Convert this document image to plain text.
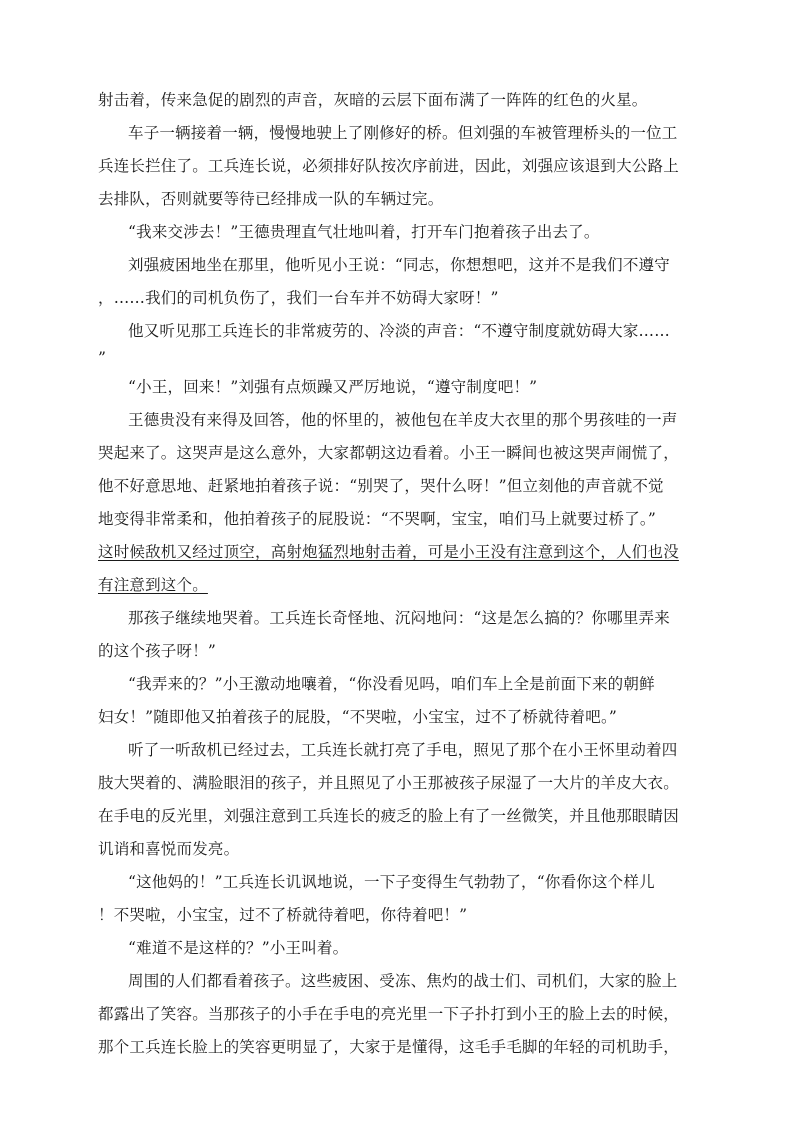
射击着，传来急促的剧烈的声音，灰暗的云层下面布满了一阵阵的红色的火星。
车子一辆接着一辆，慢慢地驶上了刚修好的桥。但刘强的车被管理桥头的一位工
兵连长拦住了。工兵连长说，必须排好队按次序前进，因此，刘强应该退到大公路上
去排队，否则就要等待已经排成一队的车辆过完。
“我来交涉去！”王德贵理直气壮地叫着，打开车门抱着孩子出去了。
刘强疲困地坐在那里，他听见小王说：“同志，你想想吧，这并不是我们不遵守
，……我们的司机负伤了，我们一台车并不妨碍大家呀！”
他又听见那工兵连长的非常疲劳的、冷淡的声音：“不遵守制度就妨碍大家……
”
“小王，回来！”刘强有点烦躁又严厉地说，“遵守制度吧！”
王德贵没有来得及回答，他的怀里的，被他包在羊皮大衣里的那个男孩哇的一声
哭起来了。这哭声是这么意外，大家都朝这边看着。小王一瞬间也被这哭声闹慌了，
他不好意思地、赶紧地拍着孩子说：“别哭了，哭什么呀！”但立刻他的声音就不觉
地变得非常柔和，他拍着孩子的屁股说：“不哭啊，宝宝，咱们马上就要过桥了。”
这时候敌机又经过顶空，高射炮猛烈地射击着，可是小王没有注意到这个，人们也没
有注意到这个。
那孩子继续地哭着。工兵连长奇怪地、沉闷地问：“这是怎么搞的？你哪里弄来
的这个孩子呀！”
“我弄来的？”小王激动地嚷着，“你没看见吗，咱们车上全是前面下来的朝鲜
妇女！”随即他又拍着孩子的屁股，“不哭啦，小宝宝，过不了桥就待着吧。”
听了一听敌机已经过去，工兵连长就打亮了手电，照见了那个在小王怀里动着四
肢大哭着的、满脸眼泪的孩子，并且照见了小王那被孩子尿湿了一大片的羊皮大衣。
在手电的反光里，刘强注意到工兵连长的疲乏的脸上有了一丝微笑，并且他那眼睛因
讥诮和喜悦而发亮。
“这他妈的！”工兵连长讥讽地说，一下子变得生气勃勃了，“你看你这个样儿
！不哭啦，小宝宝，过不了桥就待着吧，你待着吧！”
“难道不是这样的？”小王叫着。
周围的人们都看着孩子。这些疲困、受冻、焦灼的战士们、司机们，大家的脸上
都露出了笑容。当那孩子的小手在手电的亮光里一下子扑打到小王的脸上去的时候，
那个工兵连长脸上的笑容更明显了，大家于是懂得，这毛手毛脚的年轻的司机助手，
